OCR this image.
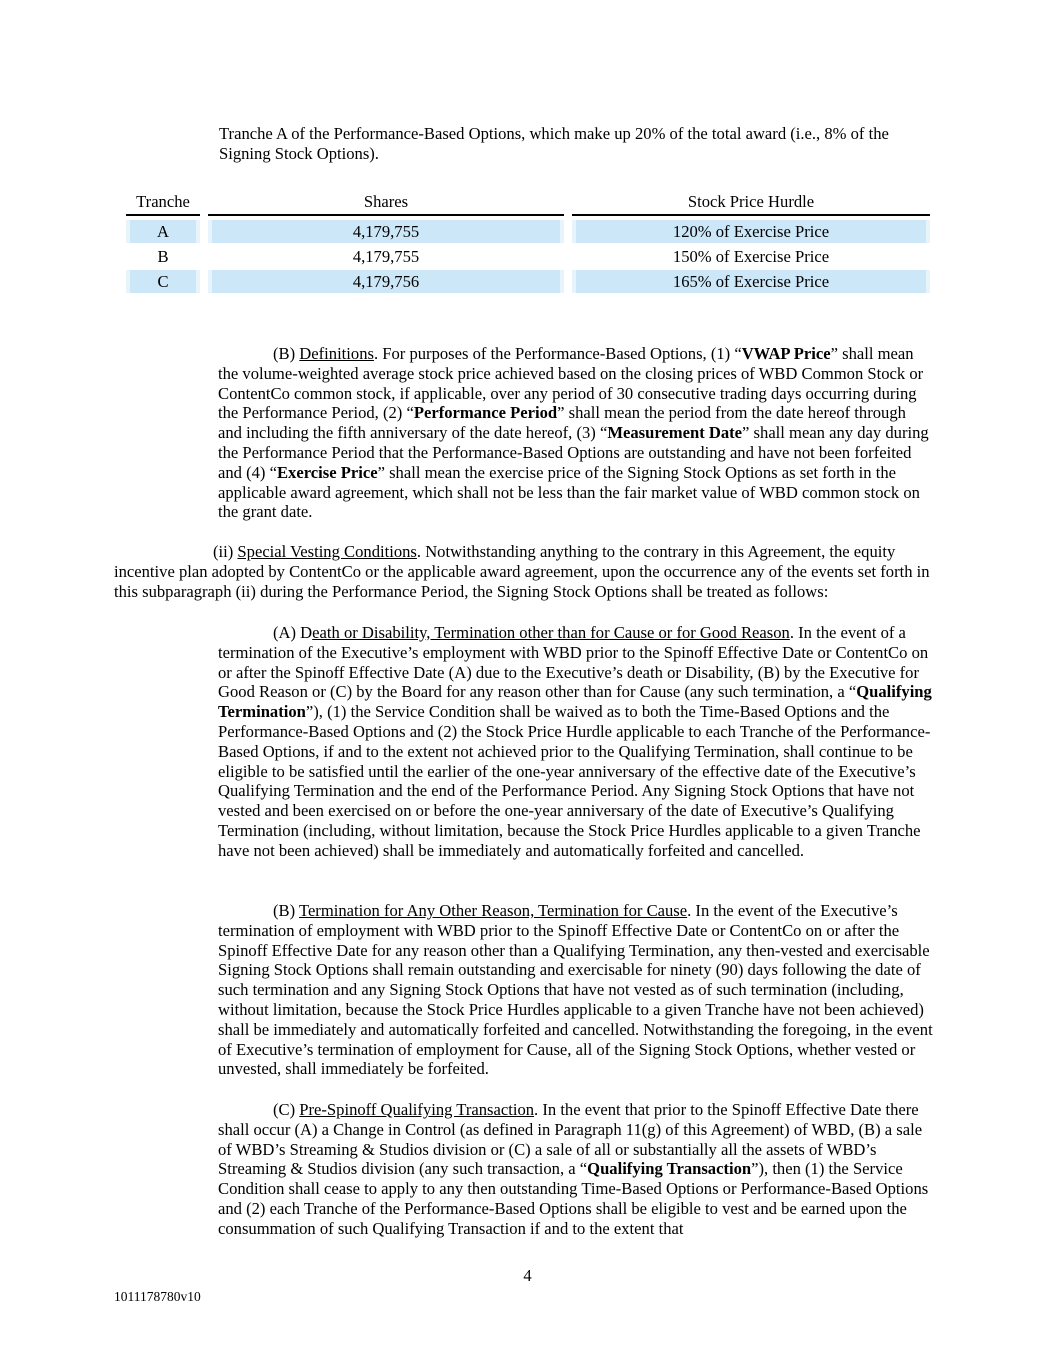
Tranche A of the Performance-Based Options, which make up 20% of the total award (i.e., 8% of the Signing Stock Options).
Tranche	Shares	Stock Price Hurdle
A	4,179,755	120% of Exercise Price
B	4,179,755	150% of Exercise Price
C	4,179,756	165% of Exercise Price
(B) Definitions. For purposes of the Performance-Based Options, (1) “VWAP Price” shall mean the volume-weighted average stock price achieved based on the closing prices of WBD Common Stock or ContentCo common stock, if applicable, over any period of 30 consecutive trading days occurring during the Performance Period, (2) “Performance Period” shall mean the period from the date hereof through and including the fifth anniversary of the date hereof, (3) “Measurement Date” shall mean any day during the Performance Period that the Performance-Based Options are outstanding and have not been forfeited and (4) “Exercise Price” shall mean the exercise price of the Signing Stock Options as set forth in the applicable award agreement, which shall not be less than the fair market value of WBD common stock on the grant date.
(ii) Special Vesting Conditions. Notwithstanding anything to the contrary in this Agreement, the equity incentive plan adopted by ContentCo or the applicable award agreement, upon the occurrence any of the events set forth in this subparagraph (ii) during the Performance Period, the Signing Stock Options shall be treated as follows:
(A) Death or Disability, Termination other than for Cause or for Good Reason. In the event of a termination of the Executive’s employment with WBD prior to the Spinoff Effective Date or ContentCo on or after the Spinoff Effective Date (A) due to the Executive’s death or Disability, (B) by the Executive for Good Reason or (C) by the Board for any reason other than for Cause (any such termination, a “Qualifying Termination”), (1) the Service Condition shall be waived as to both the Time-Based Options and the Performance-Based Options and (2) the Stock Price Hurdle applicable to each Tranche of the Performance-Based Options, if and to the extent not achieved prior to the Qualifying Termination, shall continue to be eligible to be satisfied until the earlier of the one-year anniversary of the effective date of the Executive’s Qualifying Termination and the end of the Performance Period. Any Signing Stock Options that have not vested and been exercised on or before the one-year anniversary of the date of Executive’s Qualifying Termination (including, without limitation, because the Stock Price Hurdles applicable to a given Tranche have not been achieved) shall be immediately and automatically forfeited and cancelled.
(B) Termination for Any Other Reason, Termination for Cause. In the event of the Executive’s termination of employment with WBD prior to the Spinoff Effective Date or ContentCo on or after the Spinoff Effective Date for any reason other than a Qualifying Termination, any then-vested and exercisable Signing Stock Options shall remain outstanding and exercisable for ninety (90) days following the date of such termination and any Signing Stock Options that have not vested as of such termination (including, without limitation, because the Stock Price Hurdles applicable to a given Tranche have not been achieved) shall be immediately and automatically forfeited and cancelled. Notwithstanding the foregoing, in the event of Executive’s termination of employment for Cause, all of the Signing Stock Options, whether vested or unvested, shall immediately be forfeited.
(C) Pre-Spinoff Qualifying Transaction. In the event that prior to the Spinoff Effective Date there shall occur (A) a Change in Control (as defined in Paragraph 11(g) of this Agreement) of WBD, (B) a sale of WBD’s Streaming & Studios division or (C) a sale of all or substantially all the assets of WBD’s Streaming & Studios division (any such transaction, a “Qualifying Transaction”), then (1) the Service Condition shall cease to apply to any then outstanding Time-Based Options or Performance-Based Options and (2) each Tranche of the Performance-Based Options shall be eligible to vest and be earned upon the consummation of such Qualifying Transaction if and to the extent that
4
1011178780v10
